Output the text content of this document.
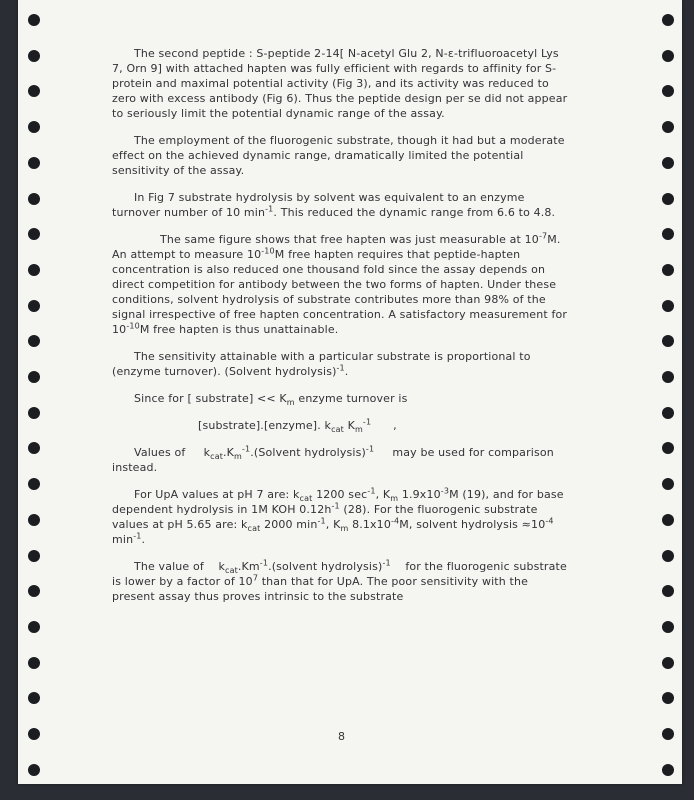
The second peptide : S-peptide 2-14[ N-acetyl Glu 2, N-ε-trifluoroacetyl Lys 7, Orn 9] with attached hapten was fully efficient with regards to affinity for S-protein and maximal potential activity (Fig 3), and its activity was reduced to zero with excess antibody (Fig 6). Thus the peptide design per se did not appear to seriously limit the potential dynamic range of the assay.

The employment of the fluorogenic substrate, though it had but a moderate effect on the achieved dynamic range, dramatically limited the potential sensitivity of the assay.

In Fig 7 substrate hydrolysis by solvent was equivalent to an enzyme turnover number of 10 $\min^{-1}$. This reduced the dynamic range from 6.6 to 4.8.

The same figure shows that free hapten was just measurable at $10^{-7}M$. An attempt to measure $10^{-10}M$ free hapten requires that peptide-hapten concentration is also reduced one thousand fold since the assay depends on direct competition for antibody between the two forms of hapten. Under these conditions, solvent hydrolysis of substrate contributes more than 98% of the signal irrespective of free hapten concentration. A satisfactory measurement for $10^{-10}M$ free hapten is thus unattainable.

The sensitivity attainable with a particular substrate is proportional to (enzyme turnover). (Solvent hydrolysis)$^{-1}$.

Since for [ substrate] << $K_m$ enzyme turnover is

[substrate].[enzyme]. $k_{cat}$ $K_m^{-1}$      ,

Values of     $k_{cat}.K_m^{-1}.(Solvent$ hydrolysis)$^{-1}$     may be used for comparison  instead.

For UpA values at pH 7 are: $k_{cat}$ 1200 $\sec^{-1}$, $K_m$ $1.9x10^{-3}M$ (19), and for base dependent hydrolysis in 1M KOH $0.12h^{-1}$ (28). For the fluorogenic substrate values at pH 5.65 are: $k_{cat}$ 2000 $\min^{-1}$, $K_m$ $8.1x10^{-4}M$, solvent hydrolysis $\approx 10^{-4}$ $\min^{-1}$.

The value of    $k_{cat}.Km^{-1}.(solvent$ hydrolysis)$^{-1}$    for the fluorogenic substrate is lower by a factor of $10^7$ than that for UpA. The poor sensitivity with the present assay thus proves intrinsic to the substrate

8
